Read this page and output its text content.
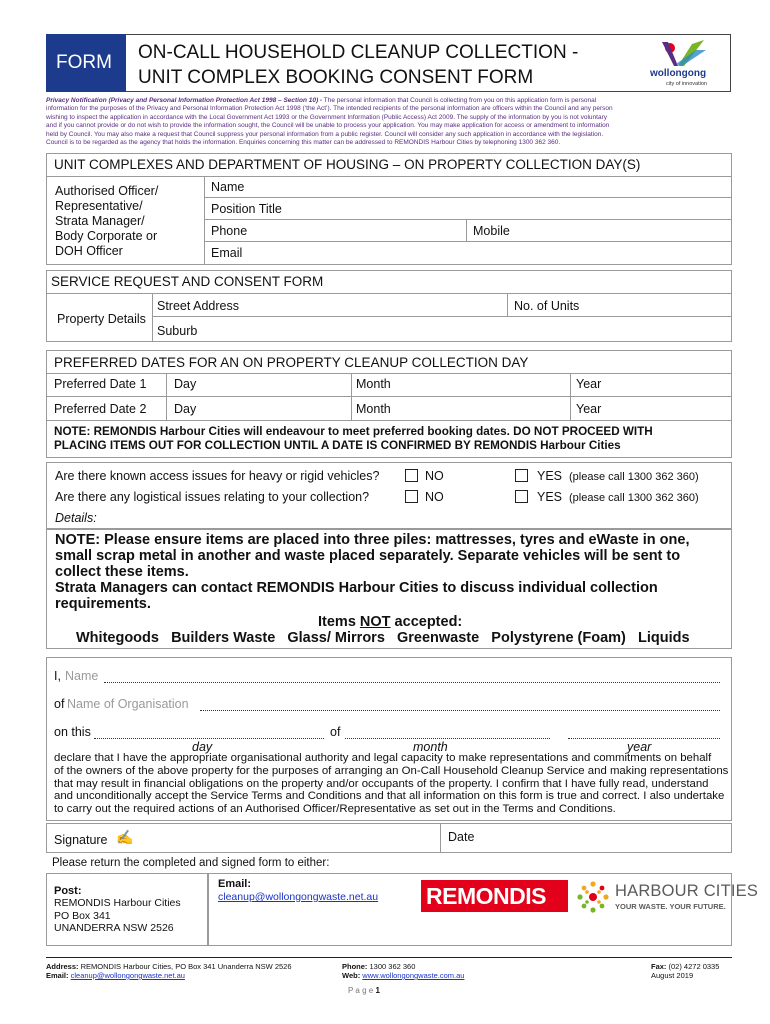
FORM ON-CALL HOUSEHOLD CLEANUP COLLECTION -
UNIT COMPLEX BOOKING CONSENT FORM	wollongong
city of innovation
Privacy Notification (Privacy and Personal Information Protection Act 1998 – Section 10) - The personal information that Council is collecting from you on this application form is personal
information for the purposes of the Privacy and Personal Information Protection Act 1998 (‘the Act’). The intended recipients of the personal information are officers within the Council and any person
wishing to inspect the application in accordance with the Local Government Act 1993 or the Government Information (Public Access) Act 2009. The supply of the information by you is not voluntary
and if you cannot provide or do not wish to provide the information sought, the Council will be unable to process your application. You may make application for access or amendment to information
held by Council. You may also make a request that Council suppress your personal information from a public register. Council will consider any such application in accordance with the legislation.
Council is to be regarded as the agency that holds the information. Enquiries concerning this matter can be addressed to REMONDIS Harbour Cities by telephoning 1300 362 360.
UNIT COMPLEXES AND DEPARTMENT OF HOUSING – ON PROPERTY COLLECTION DAY(S)
Authorised Officer/
Representative/
Strata Manager/
Body Corporate or
DOH Officer
Name
Position Title
Phone	Mobile
Email
SERVICE REQUEST AND CONSENT FORM
Property Details
Street Address	No. of Units
Suburb
PREFERRED DATES FOR AN ON PROPERTY CLEANUP COLLECTION DAY
Preferred Date 1 Day	Month	Year
Preferred Date 2 Day	Month	Year
NOTE: REMONDIS Harbour Cities will endeavour to meet preferred booking dates. DO NOT PROCEED WITH
PLACING ITEMS OUT FOR COLLECTION UNTIL A DATE IS CONFIRMED BY REMONDIS Harbour Cities
Are there known access issues for heavy or rigid vehicles?	NO	YES (please call 1300 362 360)
Are there any logistical issues relating to your collection?	NO	YES (please call 1300 362 360)
Details:
NOTE: Please ensure items are placed into three piles: mattresses, tyres and eWaste in one,
small scrap metal in another and waste placed separately. Separate vehicles will be sent to
collect these items.
Strata Managers can contact REMONDIS Harbour Cities to discuss individual collection
requirements.
Items NOT accepted:
Whitegoods Builders Waste Glass/ Mirrors Greenwaste Polystyrene (Foam) Liquids
I, Name
of Name of Organisation
on this	of
day	month	year
declare that I have the appropriate organisational authority and legal capacity to make representations and commitments on behalf
of the owners of the above property for the purposes of arranging an On-Call Household Cleanup Service and making representations
that may result in financial obligations on the property and/or occupants of the property. I confirm that I have fully read, understand
and unconditionally accept the Service Terms and Conditions and that all information on this form is true and correct. I also undertake
to carry out the required actions of an Authorised Officer/Representative as set out in the Terms and Conditions.
Signature ✍	Date
Please return the completed and signed form to either:
Post:
REMONDIS Harbour Cities
PO Box 341
UNANDERRA NSW 2526
Email:
cleanup@wollongongwaste.net.au REMONDIS	HARBOUR CITIES
YOUR WASTE. YOUR FUTURE.
Address: REMONDIS Harbour Cities, PO Box 341 Unanderra NSW 2526
Email: cleanup@wollongongwaste.net.au
Phone: 1300 362 360
Web: www.wollongongwaste.com.au
Fax: (02) 4272 0335
August 2019
P a g e 1
